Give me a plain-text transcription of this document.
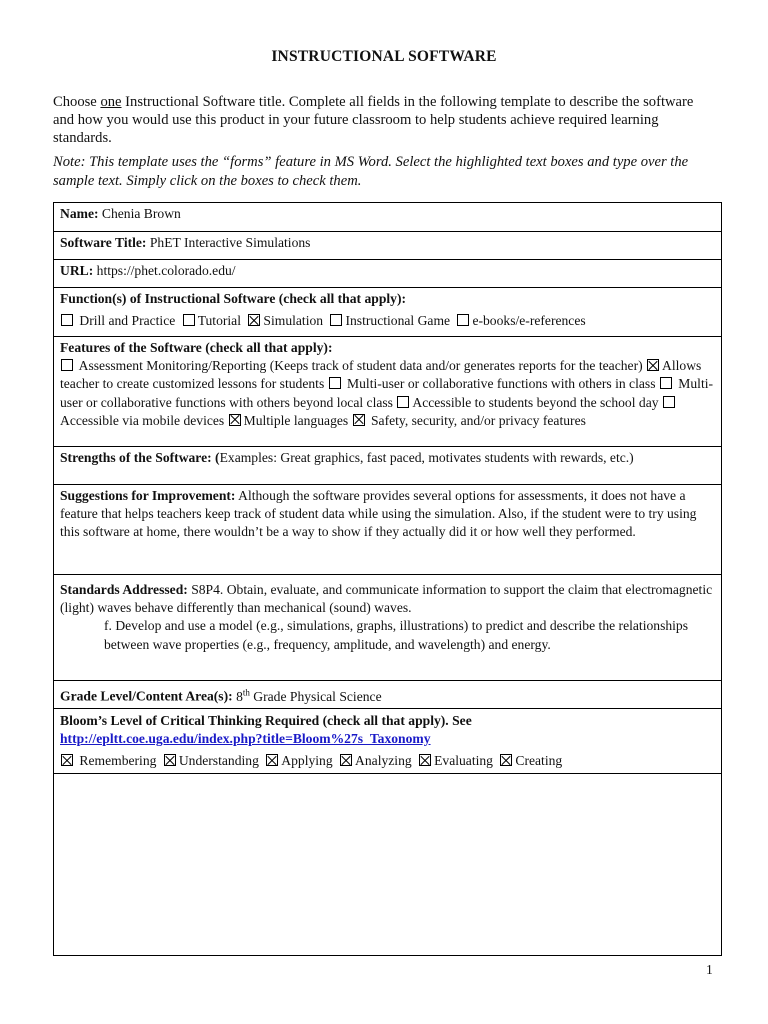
INSTRUCTIONAL SOFTWARE
Choose one Instructional Software title. Complete all fields in the following template to describe the software and how you would use this product in your future classroom to help students achieve required learning standards.
Note: This template uses the “forms” feature in MS Word. Select the highlighted text boxes and type over the sample text. Simply click on the boxes to check them.
Name: Chenia Brown
Software Title: PhET Interactive Simulations
URL: https://phet.colorado.edu/

Function(s) of Instructional Software (check all that apply):
Drill and Practice Tutorial Simulation Instructional Game e-books/e-references

Features of the Software (check all that apply):
Assessment Monitoring/Reporting (Keeps track of student data and/or generates reports for the teacher) Allows teacher to create customized lessons for students Multi-user or collaborative functions with others in class Multi-user or collaborative functions with others beyond local class Accessible to students beyond the school day Accessible via mobile devices Multiple languages Safety, security, and/or privacy features

Strengths of the Software: (Examples: Great graphics, fast paced, motivates students with rewards, etc.)
Suggestions for Improvement: Although the software provides several options for assessments, it does not have a feature that helps teachers keep track of student data while using the simulation. Also, if the student were to try using this software at home, there wouldn’t be a way to show if they actually did it or how well they performed.

Standards Addressed: S8P4. Obtain, evaluate, and communicate information to support the claim that electromagnetic (light) waves behave differently than mechanical (sound) waves.
f. Develop and use a model (e.g., simulations, graphs, illustrations) to predict and describe the relationships between wave properties (e.g., frequency, amplitude, and wavelength) and energy.

Grade Level/Content Area(s): 8th Grade Physical Science

Bloom’s Level of Critical Thinking Required (check all that apply). See
http://epltt.coe.uga.edu/index.php?title=Bloom%27s_Taxonomy
Remembering Understanding Applying Analyzing Evaluating Creating

1
